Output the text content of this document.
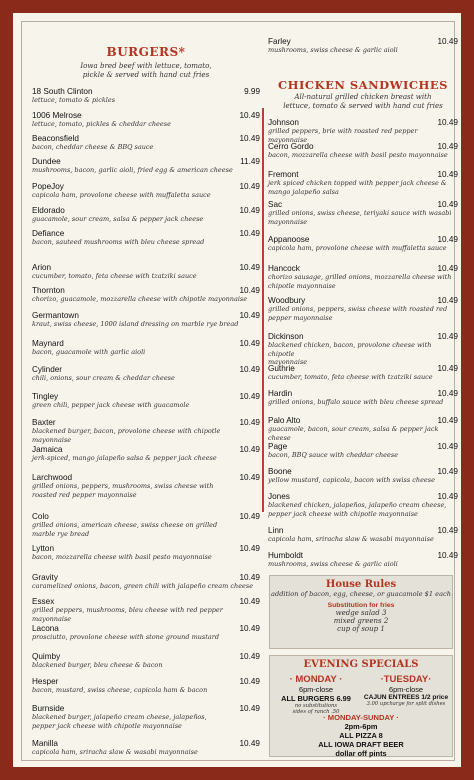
BURGERS*
Iowa bred beef with lettuce, tomato,
pickle & served with hand cut fries
18 South Clinton	9.99
lettuce, tomato & pickles
1006 Melrose	10.49
lettuce, tomato, pickles & cheddar cheese
Beaconsfield	10.49
bacon, cheddar cheese & BBQ sauce
Dundee	11.49
mushrooms, bacon, garlic aioli, fried egg & american cheese
PopeJoy	10.49
capicola ham, provolone cheese with muffaletta sauce
Eldorado	10.49
guacamole, sour cream, salsa & pepper jack cheese
Defiance	10.49
bacon, sauteed mushrooms with bleu cheese spread
Arion	10.49
cucumber, tomato, feta cheese with tzatziki sauce
Thornton	10.49
chorizo, guacamole, mozzarella cheese with chipotle mayonnaise
Germantown	10.49
kraut, swiss cheese, 1000 island dressing on marble rye bread
Maynard	10.49
bacon, guacamole with garlic aioli
Cylinder	10.49
chili, onions, sour cream & cheddar cheese
Tingley	10.49
green chili, pepper jack cheese with guacamole
Baxter	10.49
blackened burger, bacon, provolone cheese with chipotle
mayonnaise
Jamaica	10.49
jerk-spiced, mango jalapeño salsa & pepper jack cheese
Larchwood	10.49
grilled onions, peppers, mushrooms, swiss cheese with
roasted red pepper mayonnaise
Colo	10.49
grilled onions, american cheese, swiss cheese on grilled
marble rye bread
Lytton	10.49
bacon, mozzarella cheese with basil pesto mayonnaise
Gravity	10.49
caramelized onions, bacon, green chili with jalapeño cream cheese
Essex	10.49
grilled peppers, mushrooms, bleu cheese with red pepper mayonnaise
Lacona	10.49
prosciutto, provolone cheese with stone ground mustard
Quimby	10.49
blackened burger, bleu cheese & bacon
Hesper	10.49
bacon, mustard, swiss cheese, capicola ham & bacon
Burnside	10.49
blackened burger, jalapeño cream cheese, jalapeños,
pepper jack cheese with chipotle mayonnaise
Manilla	10.49
capicola ham, sriracha slaw & wasabi mayonnaise
Farley	10.49
mushrooms, swiss cheese & garlic aioli
CHICKEN SANDWICHES
All-natural grilled chicken breast with
lettuce, tomato & served with hand cut fries
Johnson	10.49
grilled peppers, brie with roasted red pepper mayonnaise
Cerro Gordo	10.49
bacon, mozzarella cheese with basil pesto mayonnaise
Fremont	10.49
jerk spiced chicken topped with pepper jack cheese &
mango jalapeño salsa
Sac	10.49
grilled onions, swiss cheese, teriyaki sauce with wasabi
mayonnaise
Appanoose	10.49
capicola ham, provolone cheese with muffaletta sauce
Hancock	10.49
chorizo sausage, grilled onions, mozzarella cheese with
chipotle mayonnaise
Woodbury	10.49
grilled onions, peppers, swiss cheese with roasted red
pepper mayonnaise
Dickinson	10.49
blackened chicken, bacon, provolone cheese with chipotle
mayonnaise
Guthrie	10.49
cucumber, tomato, feta cheese with tzatziki sauce
Hardin	10.49
grilled onions, buffalo sauce with bleu cheese spread
Palo Alto	10.49
guacamole, bacon, sour cream, salsa & pepper jack cheese
Page	10.49
bacon, BBQ sauce with cheddar cheese
Boone	10.49
yellow mustard, capicola, bacon with swiss cheese
Jones	10.49
blackened chicken, jalapeños, jalapeño cream cheese,
pepper jack cheese with chipotle mayonnaise
Linn	10.49
capicola ham, sriracha slaw & wasabi mayonnaise
Humboldt	10.49
mushrooms, swiss cheese & garlic aioli
House Rules
addition of bacon, egg, cheese, or guacamole $1 each
Substitution for fries
wedge salad 3
mixed greens 2
cup of soup 1
EVENING SPECIALS
· MONDAY ·
6pm-close
ALL BURGERS 6.99
no substitutions
sides of ranch .50
·TUESDAY·
6pm-close
CAJUN ENTREES 1/2 price
3.00 upcharge for split dishes
· MONDAY-SUNDAY ·
2pm-6pm
ALL PIZZA 8
ALL IOWA DRAFT BEER
dollar off pints
